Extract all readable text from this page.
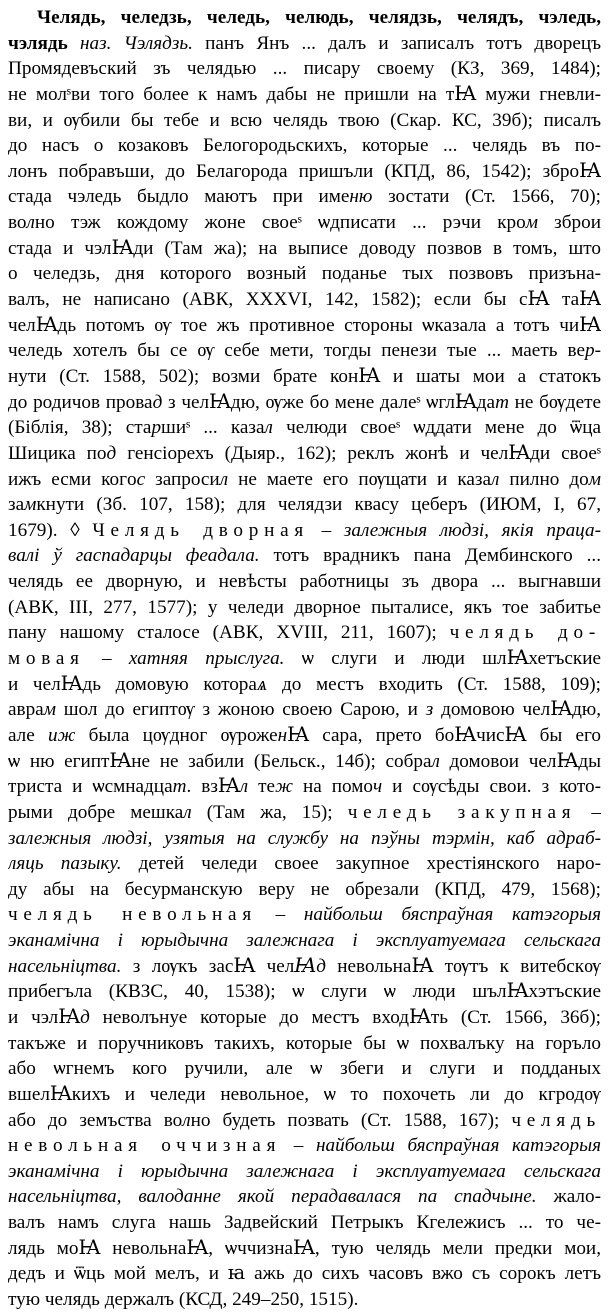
Челядь, челедзь, челедь, челюдь, челядзь, челядъ, чэледь,
чэлядь наз. Чэлядзь. панъ Янъ ... далъ и записалъ тотъ дворецъ
Промядевъский зъ челядью ... писару своему (КЗ, 369, 1484);
не молˢви того более к намъ дабы не пришли на тꙖ мужи гневли-
ви, и ѹбили бы тебе и всю челядь твою (Скар. КС, 39б); писалъ
до насъ о козаковъ Белогородьскихъ, которые ... челядь въ по-
лонъ побравъши, до Белагорода пришъли (КПД, 86, 1542); зброꙖ
стада чэледь быдло маютъ при именю зостати (Ст. 1566, 70);
волно тэж кождому жоне своеˢ ѡдписати ... рэчи кром зброи
стада и чэлꙖди (Там жа); на выписе доводу позвов в томъ, што
о челедзь, дня которого возный поданье тых позвовъ призъна-
валъ, не написано (АВК, XXXVI, 142, 1582); если бы сꙖ таꙖ
челꙖдь потомъ ѹ тое жъ противное стороны ѡказала а тотъ чиꙖ
челедь хотелъ бы се ѹ себе мети, тогды пенези тые ... маеть вер-
нути (Ст. 1588, 502); возми брате конꙖ и шаты мои а статокъ
до родичов провад з челꙖдю, ѹже бо мене далеˢ ѡглꙖдат не бѹдете
(Біблія, 38); старшиˢ ... казал челюди своеˢ ѡддати мене до ѿца
Шицика под генсіорехъ (Дыяр., 162); реклъ жонѣ и челꙖди своеˢ
ижъ есми когoс запросил не маете его пѹщати и казал пилно дом
замкнути (Зб. 107, 158); для челядзи квасу цеберъ (ИЮМ, I, 67,
1679). ◊ Челядь дворная – залежныя людзі, якія праца-
валі ў гаспадарцы феадала. тотъ врадникъ пана Дембинского ...
челядь ее дворную, и невѣсты работницы зъ двора ... выгнавши
(АВК, III, 277, 1577); у челеди дворное пыталисе, якъ тое забитье
пану нашому сталосе (АВК, XVIII, 211, 1607); челядь до-
мовая – хатняя прыслуга. ѡ слуги и люди шлꙖхетъские
и челꙖдь домовую котораѧ до местъ входить (Ст. 1588, 109);
аврам шол до египтѹ з жоною своею Сарою, и з домовою челꙖдю,
але иж была цѹдног ѹроженꙖ сара, прето боꙖчисꙖ бы его
ѡ ню египтꙖне не забили (Бельск., 14б); собрал домовои челꙖды
триста и ѡсмнадцат. взꙖл теж на помоч и сѹсѣды свои. з кото-
рыми добре мешкал (Там жа, 15); челедь закупная –
залежныя людзі, узятыя на службу на пэўны тэрмін, каб адраб-
ляць пазыку. детей челеди своее закупное хрестіянского наро-
ду абы на бесурманскую веру не обрезали (КПД, 479, 1568);
челядь невольная – найбольш бяспраўная катэгорыя
эканамічна і юрыдычна залежнага і эксплуатуемага сельскага
насельніцтва. з лѹкъ засꙖ челꙖд невольнаꙖ тѹтъ к витебскѹ
прибегъла (КВЗС, 40, 1538); ѡ слуги ѡ люди шълꙖхэтъские
и чэлꙖд неволънуе которые до местъ входꙖть (Ст. 1566, 36б);
такъже и поручниковъ такихъ, которые бы ѡ похвалъку на горъло
або ѡгнемъ кого ручили, але ѡ збеги и слуги и подданых
вшелꙖкихъ и челеди невольное, ѡ то похочеть ли до кгродѹ
або до земъства волно будеть позвать (Ст. 1588, 167); челядь
невольная оччизная – найбольш бяспраўная катэгорыя
эканамічна і юрыдычна залежнага і эксплуатуемага сельскага
насельніцтва, валоданне якой перадавалася па спадчыне. жало-
валъ намъ слуга нашь Задвейский Петрыкъ Кгележисъ ... то че-
лядь моꙖ невольнаꙖ, ѡччизнаꙖ, тую челядь мели предки мои,
дедъ и ѿць мой мелъ, и ꙗ ажь до сихъ часовъ вжо съ сорокъ летъ
тую челядь держалъ (КСД, 249–250, 1515).
